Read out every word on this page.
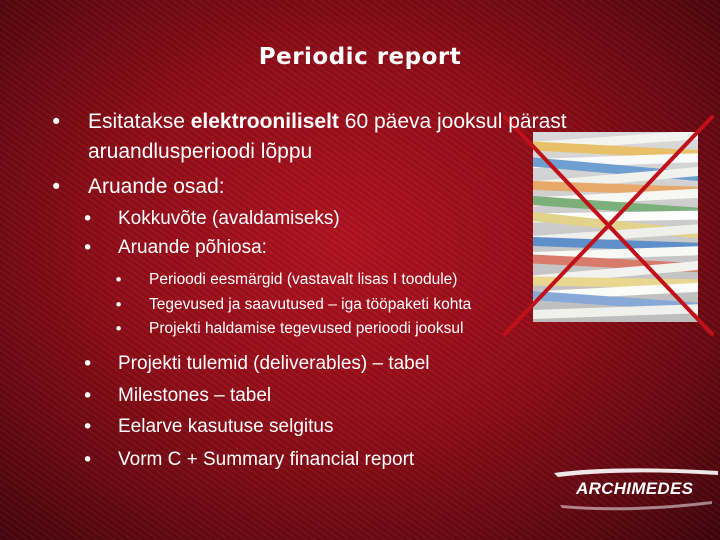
Periodic report
• Esitatakse elektrooniliselt 60 päeva jooksul pärast
aruandlusperioodi lõppu
• Aruande osad:
• Kokkuvõte (avaldamiseks)
• Aruande põhiosa:
• Perioodi eesmärgid (vastavalt lisas I toodule)
• Tegevused ja saavutused – iga tööpaketi kohta
• Projekti haldamise tegevused perioodi jooksul
• Projekti tulemid (deliverables) – tabel
• Milestones – tabel
• Eelarve kasutuse selgitus
• Vorm C + Summary financial report
ARCHIMEDES
